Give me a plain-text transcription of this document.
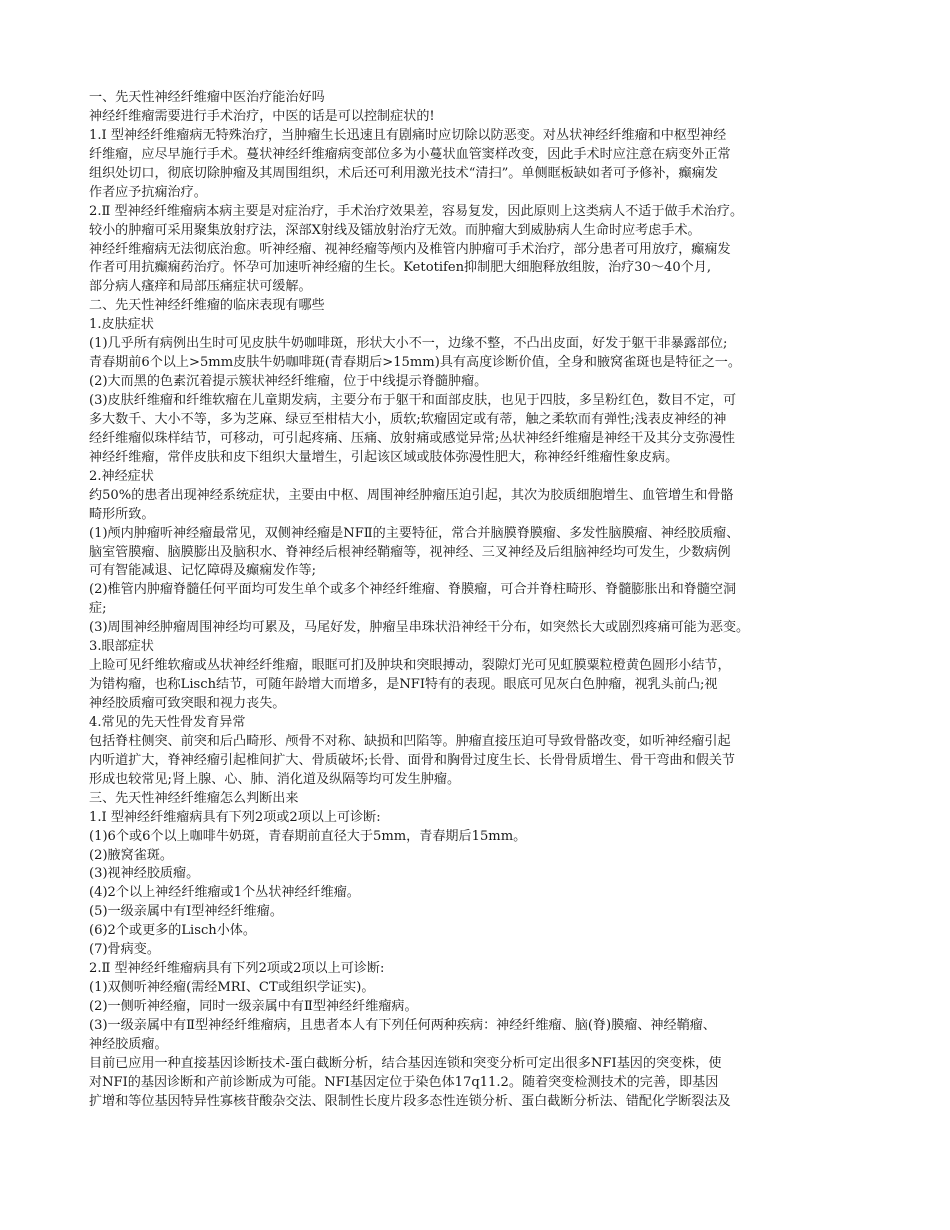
一、先天性神经纤维瘤中医治疗能治好吗

神经纤维瘤需要进行手术治疗，中医的话是可以控制症状的!

1.Ⅰ 型神经纤维瘤病无特殊治疗，当肿瘤生长迅速且有剧痛时应切除以防恶变。对丛状神经纤维瘤和中枢型神经

纤维瘤，应尽早施行手术。蔓状神经纤维瘤病变部位多为小蔓状血管窦样改变，因此手术时应注意在病变外正常

组织处切口，彻底切除肿瘤及其周围组织，术后还可利用激光技术“清扫”。单侧眶板缺如者可予修补，癫痫发

作者应予抗痫治疗。

2.Ⅱ 型神经纤维瘤病本病主要是对症治疗，手术治疗效果差，容易复发，因此原则上这类病人不适于做手术治疗。

较小的肿瘤可采用聚集放射疗法，深部Ⅹ射线及镭放射治疗无效。而肿瘤大到威胁病人生命时应考虑手术。

神经纤维瘤病无法彻底治愈。听神经瘤、视神经瘤等颅内及椎管内肿瘤可手术治疗，部分患者可用放疗，癫痫发

作者可用抗癫痫药治疗。怀孕可加速听神经瘤的生长。Ketotifen抑制肥大细胞释放组胺，治疗30～40个月,

部分病人瘙痒和局部压痛症状可缓解。

二、先天性神经纤维瘤的临床表现有哪些

1.皮肤症状

(1)几乎所有病例出生时可见皮肤牛奶咖啡斑，形状大小不一，边缘不整，不凸出皮面，好发于躯干非暴露部位;

青春期前6个以上>5mm皮肤牛奶咖啡斑(青春期后>15mm)具有高度诊断价值，全身和腋窝雀斑也是特征之一。

(2)大而黑的色素沉着提示簇状神经纤维瘤，位于中线提示脊髓肿瘤。

(3)皮肤纤维瘤和纤维软瘤在儿童期发病，主要分布于躯干和面部皮肤，也见于四肢，多呈粉红色，数目不定，可

多大数千、大小不等，多为芝麻、绿豆至柑桔大小，质软;软瘤固定或有蒂，触之柔软而有弹性;浅表皮神经的神

经纤维瘤似珠样结节，可移动，可引起疼痛、压痛、放射痛或感觉异常;丛状神经纤维瘤是神经干及其分支弥漫性

神经纤维瘤，常伴皮肤和皮下组织大量增生，引起该区域或肢体弥漫性肥大，称神经纤维瘤性象皮病。

2.神经症状

约50%的患者出现神经系统症状，主要由中枢、周围神经肿瘤压迫引起，其次为胶质细胞增生、血管增生和骨骼

畸形所致。

(1)颅内肿瘤听神经瘤最常见，双侧神经瘤是NFⅡ的主要特征，常合并脑膜脊膜瘤、多发性脑膜瘤、神经胶质瘤、

脑室管膜瘤、脑膜膨出及脑积水、脊神经后根神经鞘瘤等，视神经、三叉神经及后组脑神经均可发生，少数病例

可有智能减退、记忆障碍及癫痫发作等;

(2)椎管内肿瘤脊髓任何平面均可发生单个或多个神经纤维瘤、脊膜瘤，可合并脊柱畸形、脊髓膨胀出和脊髓空洞

症;

(3)周围神经肿瘤周围神经均可累及，马尾好发，肿瘤呈串珠状沿神经干分布，如突然长大或剧烈疼痛可能为恶变。

3.眼部症状

上睑可见纤维软瘤或丛状神经纤维瘤，眼眶可扪及肿块和突眼搏动，裂隙灯光可见虹膜粟粒橙黄色圆形小结节，

为错构瘤，也称Lisch结节，可随年龄增大而增多，是NFI特有的表现。眼底可见灰白色肿瘤，视乳头前凸;视

神经胶质瘤可致突眼和视力丧失。

4.常见的先天性骨发育异常

包括脊柱侧突、前突和后凸畸形、颅骨不对称、缺损和凹陷等。肿瘤直接压迫可导致骨骼改变，如听神经瘤引起

内听道扩大，脊神经瘤引起椎间扩大、骨质破坏;长骨、面骨和胸骨过度生长、长骨骨质增生、骨干弯曲和假关节

形成也较常见;肾上腺、心、肺、消化道及纵隔等均可发生肿瘤。

三、先天性神经纤维瘤怎么判断出来

1.Ⅰ 型神经纤维瘤病具有下列2项或2项以上可诊断:

(1)6个或6个以上咖啡牛奶斑，青春期前直径大于5mm，青春期后15mm。

(2)腋窝雀斑。

(3)视神经胶质瘤。

(4)2个以上神经纤维瘤或1个丛状神经纤维瘤。

(5)一级亲属中有Ⅰ型神经纤维瘤。

(6)2个或更多的Lisch小体。

(7)骨病变。

2.Ⅱ 型神经纤维瘤病具有下列2项或2项以上可诊断:

(1)双侧听神经瘤(需经MRI、CT或组织学证实)。

(2)一侧听神经瘤，同时一级亲属中有Ⅱ型神经纤维瘤病。

(3)一级亲属中有Ⅱ型神经纤维瘤病，且患者本人有下列任何两种疾病：神经纤维瘤、脑(脊)膜瘤、神经鞘瘤、

神经胶质瘤。

目前已应用一种直接基因诊断技术-蛋白截断分析，结合基因连锁和突变分析可定出很多NFⅠ基因的突变株，使

对NFⅠ的基因诊断和产前诊断成为可能。NFⅠ基因定位于染色体17q11.2。随着突变检测技术的完善，即基因

扩增和等位基因特异性寡核苷酸杂交法、限制性长度片段多态性连锁分析、蛋白截断分析法、错配化学断裂法及
